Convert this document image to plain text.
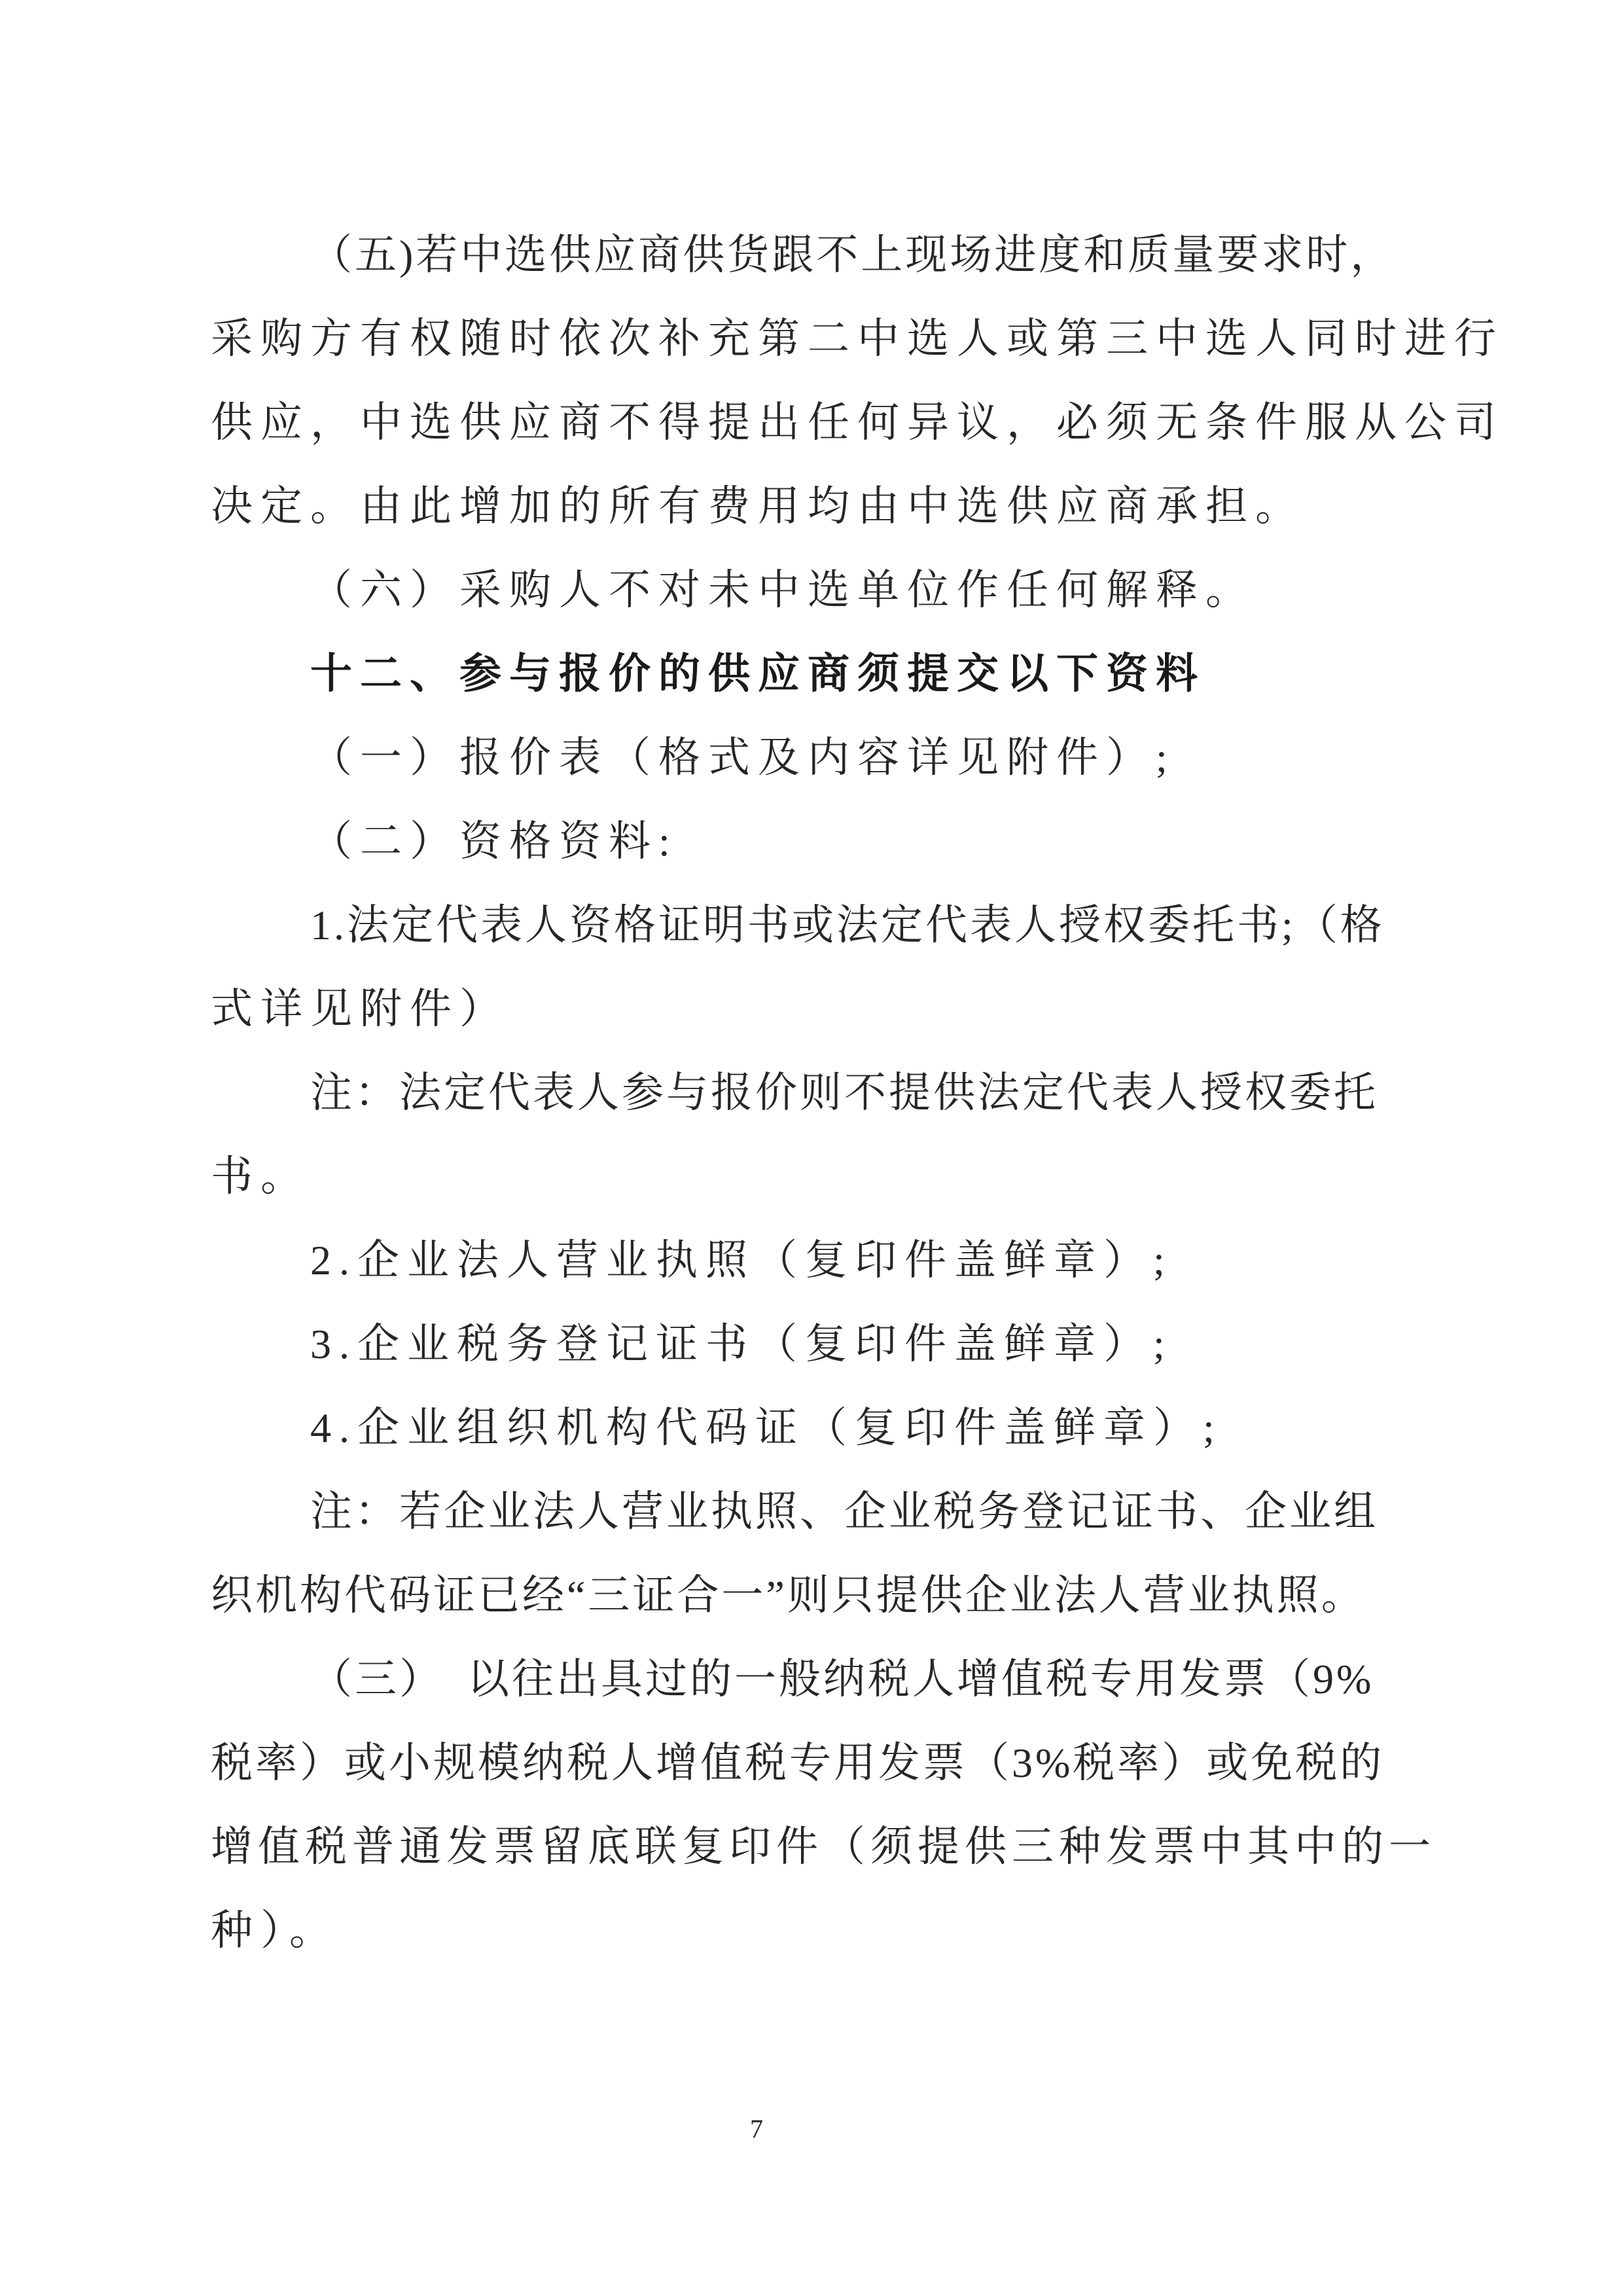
（五)若中选供应商供货跟不上现场进度和质量要求时，
采购方有权随时依次补充第二中选人或第三中选人同时进行
供应，中选供应商不得提出任何异议，必须无条件服从公司
决定。由此增加的所有费用均由中选供应商承担。
（六）采购人不对未中选单位作任何解释。
十二、参与报价的供应商须提交以下资料
（一）报价表（格式及内容详见附件）;
（二）资格资料:
1.法定代表人资格证明书或法定代表人授权委托书;（格
式详见附件）
注：法定代表人参与报价则不提供法定代表人授权委托
书。
2.企业法人营业执照（复印件盖鲜章）;
3.企业税务登记证书（复印件盖鲜章）;
4.企业组织机构代码证（复印件盖鲜章）;
注：若企业法人营业执照、企业税务登记证书、企业组
织机构代码证已经“三证合一”则只提供企业法人营业执照。
（三）　以往出具过的一般纳税人增值税专用发票（9%
税率）或小规模纳税人增值税专用发票（3%税率）或免税的
增值税普通发票留底联复印件（须提供三种发票中其中的一
种）。
7
